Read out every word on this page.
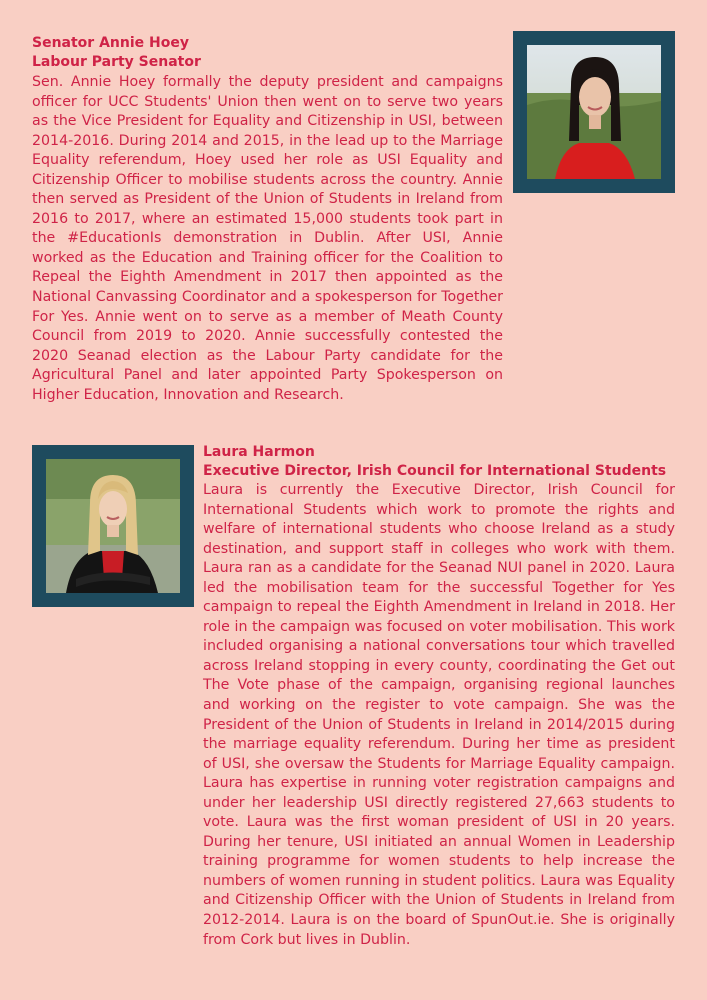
Senator Annie Hoey
Labour Party Senator

Sen. Annie Hoey formally the deputy president and campaigns officer for UCC Students' Union then went on to serve two years as the Vice President for Equality and Citizenship in USI, between 2014-2016. During 2014 and 2015, in the lead up to the Marriage Equality referendum, Hoey used her role as USI Equality and Citizenship Officer to mobilise students across the country. Annie then served as President of the Union of Students in Ireland from 2016 to 2017, where an estimated 15,000 students took part in the #EducationIs demonstration in Dublin. After USI, Annie worked as the Education and Training officer for the Coalition to Repeal the Eighth Amendment in 2017 then appointed as the National Canvassing Coordinator and a spokesperson for Together For Yes. Annie went on to serve as a member of Meath County Council from 2019 to 2020. Annie successfully contested the 2020 Seanad election as the Labour Party candidate for the Agricultural Panel and later appointed Party Spokesperson on Higher Education, Innovation and Research.

Laura Harmon
Executive Director, Irish Council for International Students

Laura is currently the Executive Director, Irish Council for International Students which work to promote the rights and welfare of international students who choose Ireland as a study destination, and support staff in colleges who work with them. Laura ran as a candidate for the Seanad NUI panel in 2020. Laura led the mobilisation team for the successful Together for Yes campaign to repeal the Eighth Amendment in Ireland in 2018. Her role in the campaign was focused on voter mobilisation. This work included organising a national conversations tour which travelled across Ireland stopping in every county, coordinating the Get out The Vote phase of the campaign, organising regional launches and working on the register to vote campaign. She was the President of the Union of Students in Ireland in 2014/2015 during the marriage equality referendum. During her time as president of USI, she oversaw the Students for Marriage Equality campaign. Laura has expertise in running voter registration campaigns and under her leadership USI directly registered 27,663 students to vote. Laura was the first woman president of USI in 20 years. During her tenure, USI initiated an annual Women in Leadership training programme for women students to help increase the numbers of women running in student politics. Laura was Equality and Citizenship Officer with the Union of Students in Ireland from 2012-2014. Laura is on the board of SpunOut.ie. She is originally from Cork but lives in Dublin.
